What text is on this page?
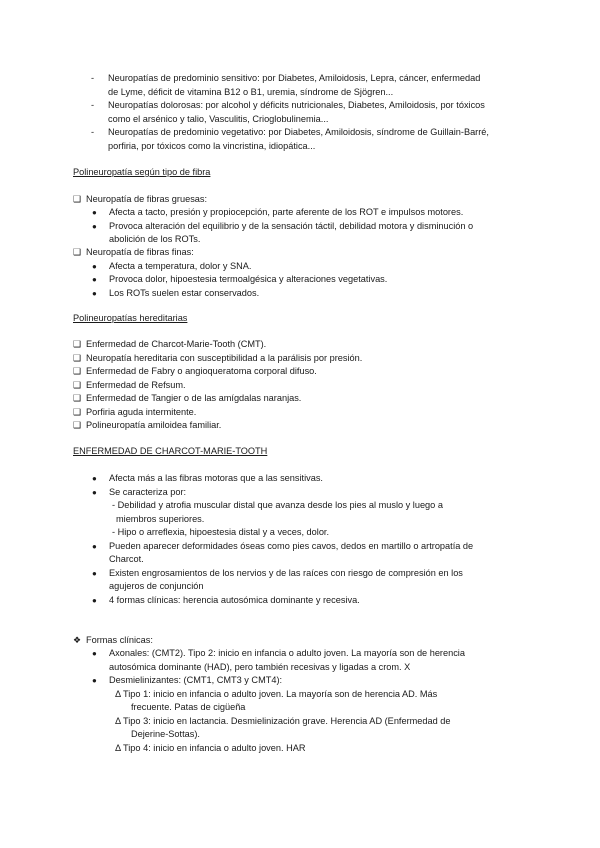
- Neuropatías de predominio sensitivo: por Diabetes, Amiloidosis, Lepra, cáncer, enfermedad
de Lyme, déficit de vitamina B12 o B1, uremia, síndrome de Sjögren...
- Neuropatías dolorosas: por alcohol y déficits nutricionales, Diabetes, Amiloidosis, por tóxicos
como el arsénico y talio, Vasculitis, Crioglobulinemia...
- Neuropatías de predominio vegetativo: por Diabetes, Amiloidosis, síndrome de Guillain-Barré,
porfiria, por tóxicos como la vincristina, idiopática...
Polineuropatía según tipo de fibra
❑ Neuropatía de fibras gruesas:
● Afecta a tacto, presión y propiocepción, parte aferente de los ROT e impulsos motores.
● Provoca alteración del equilibrio y de la sensación táctil, debilidad motora y disminución o
abolición de los ROTs.
❑ Neuropatía de fibras finas:
● Afecta a temperatura, dolor y SNA.
● Provoca dolor, hipoestesia termoalgésica y alteraciones vegetativas.
● Los ROTs suelen estar conservados.
Polineuropatías hereditarias
❑ Enfermedad de Charcot-Marie-Tooth (CMT).
❑ Neuropatía hereditaria con susceptibilidad a la parálisis por presión.
❑ Enfermedad de Fabry o angioqueratoma corporal difuso.
❑ Enfermedad de Refsum.
❑ Enfermedad de Tangier o de las amígdalas naranjas.
❑ Porfiria aguda intermitente.
❑ Polineuropatía amiloidea familiar.
ENFERMEDAD DE CHARCOT-MARIE-TOOTH
● Afecta más a las fibras motoras que a las sensitivas.
● Se caracteriza por:
- Debilidad y atrofia muscular distal que avanza desde los pies al muslo y luego a
miembros superiores.
- Hipo o arreflexia, hipoestesia distal y a veces, dolor.
● Pueden aparecer deformidades óseas como pies cavos, dedos en martillo o artropatía de
Charcot.
● Existen engrosamientos de los nervios y de las raíces con riesgo de compresión en los
agujeros de conjunción
● 4 formas clínicas: herencia autosómica dominante y recesiva.
❖ Formas clínicas:
● Axonales: (CMT2). Tipo 2: inicio en infancia o adulto joven. La mayoría son de herencia
autosómica dominante (HAD), pero también recesivas y ligadas a crom. X
● Desmielinizantes: (CMT1, CMT3 y CMT4):
Δ Tipo 1: inicio en infancia o adulto joven. La mayoría son de herencia AD. Más
frecuente. Patas de cigüeña
Δ Tipo 3: inicio en lactancia. Desmielinización grave. Herencia AD (Enfermedad de
Dejerine-Sottas).
Δ Tipo 4: inicio en infancia o adulto joven. HAR
